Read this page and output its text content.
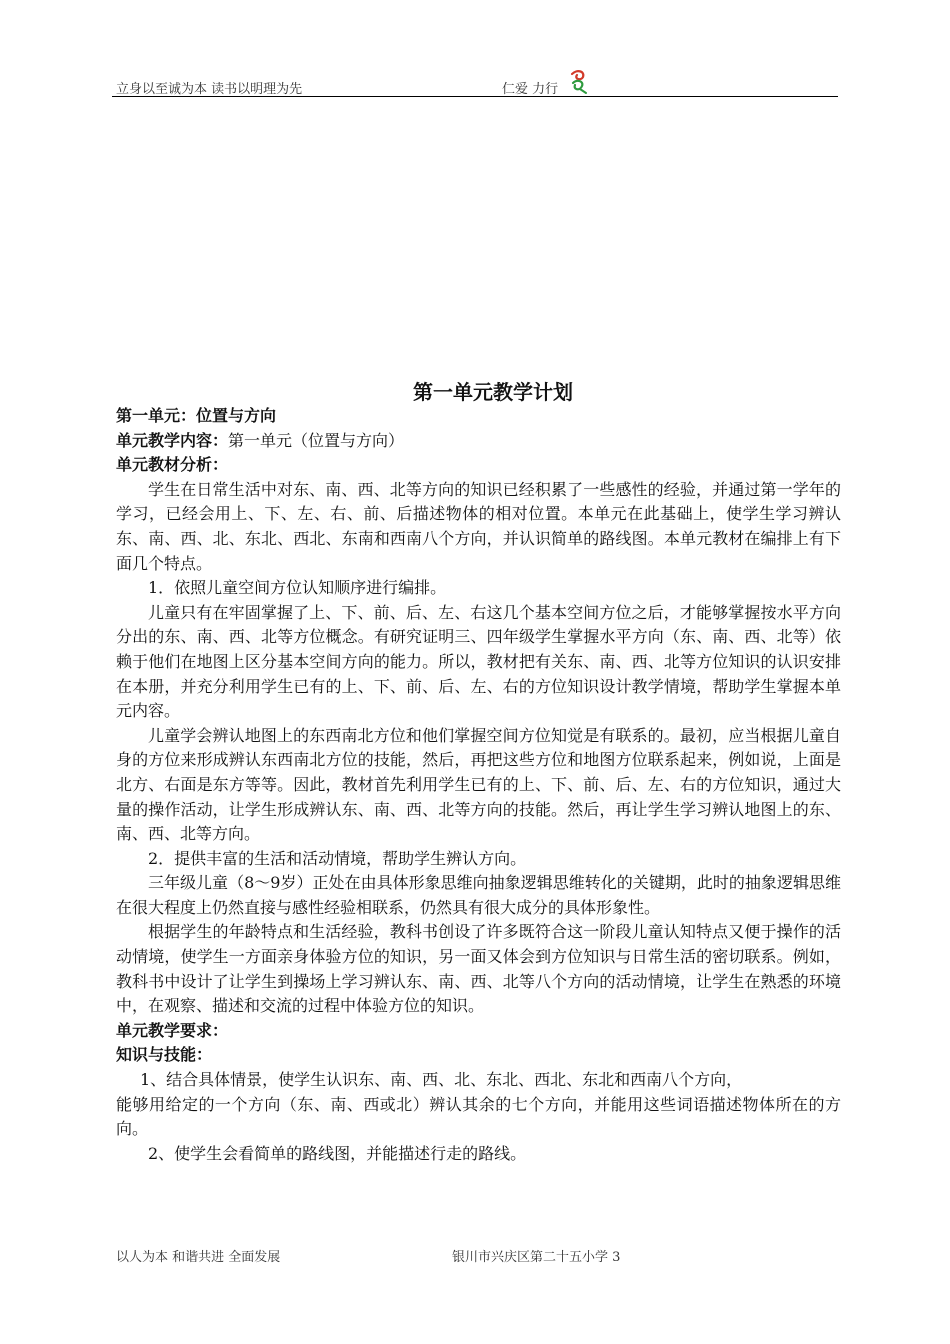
立身以至诚为本 读书以明理为先	仁爱 力行
第一单元教学计划

第一单元：位置与方向

单元教学内容：第一单元（位置与方向）

单元教材分析：

学生在日常生活中对东、南、西、北等方向的知识已经积累了一些感性的经验，并通过第一学年的学习，已经会用上、下、左、右、前、后描述物体的相对位置。本单元在此基础上，使学生学习辨认东、南、西、北、东北、西北、东南和西南八个方向，并认识简单的路线图。本单元教材在编排上有下面几个特点。

1．依照儿童空间方位认知顺序进行编排。

儿童只有在牢固掌握了上、下、前、后、左、右这几个基本空间方位之后，才能够掌握按水平方向分出的东、南、西、北等方位概念。有研究证明三、四年级学生掌握水平方向（东、南、西、北等）依赖于他们在地图上区分基本空间方向的能力。所以，教材把有关东、南、西、北等方位知识的认识安排在本册，并充分利用学生已有的上、下、前、后、左、右的方位知识设计教学情境，帮助学生掌握本单元内容。

儿童学会辨认地图上的东西南北方位和他们掌握空间方位知觉是有联系的。最初，应当根据儿童自身的方位来形成辨认东西南北方位的技能，然后，再把这些方位和地图方位联系起来，例如说，上面是北方、右面是东方等等。因此，教材首先利用学生已有的上、下、前、后、左、右的方位知识，通过大量的操作活动，让学生形成辨认东、南、西、北等方向的技能。然后，再让学生学习辨认地图上的东、南、西、北等方向。

2．提供丰富的生活和活动情境，帮助学生辨认方向。

三年级儿童（8～9岁）正处在由具体形象思维向抽象逻辑思维转化的关键期，此时的抽象逻辑思维在很大程度上仍然直接与感性经验相联系，仍然具有很大成分的具体形象性。

根据学生的年龄特点和生活经验，教科书创设了许多既符合这一阶段儿童认知特点又便于操作的活动情境，使学生一方面亲身体验方位的知识，另一面又体会到方位知识与日常生活的密切联系。例如，教科书中设计了让学生到操场上学习辨认东、南、西、北等八个方向的活动情境，让学生在熟悉的环境中，在观察、描述和交流的过程中体验方位的知识。

单元教学要求：

知识与技能：

1、结合具体情景，使学生认识东、南、西、北、东北、西北、东北和西南八个方向，

能够用给定的一个方向（东、南、西或北）辨认其余的七个方向，并能用这些词语描述物体所在的方向。

2、使学生会看简单的路线图，并能描述行走的路线。

以人为本 和谐共进 全面发展	银川市兴庆区第二十五小学 3
